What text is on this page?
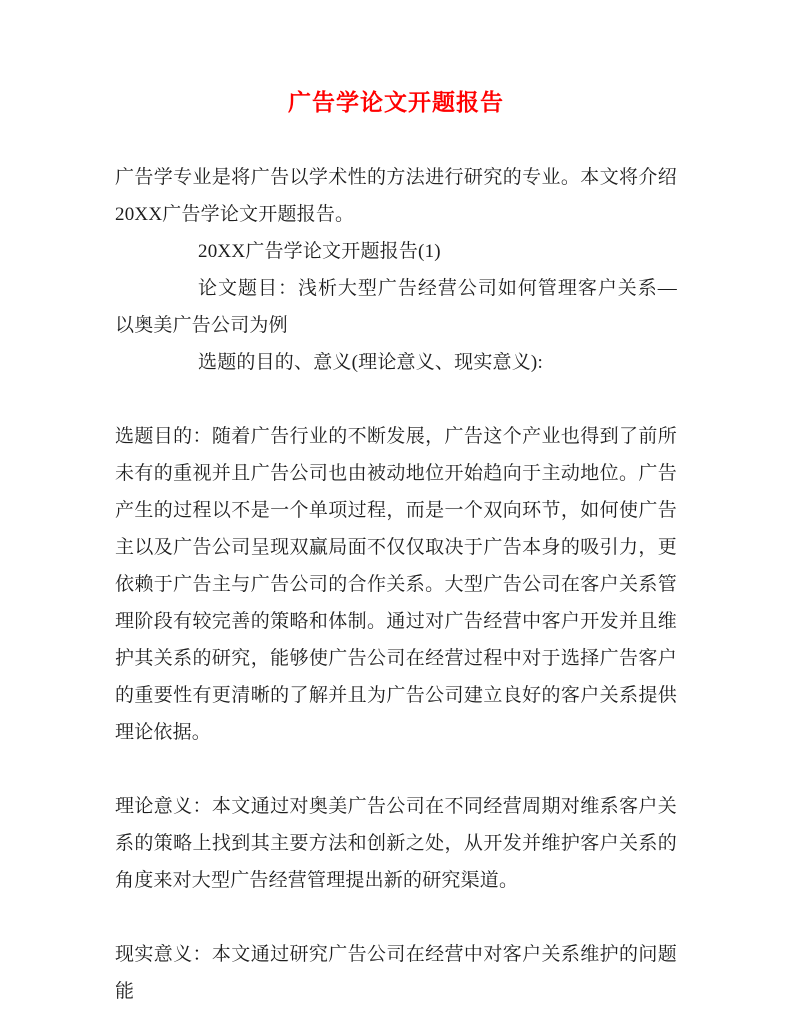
广告学论文开题报告

广告学专业是将广告以学术性的方法进行研究的专业。本文将介绍20XX广告学论文开题报告。

20XX广告学论文开题报告(1)

论文题目：浅析大型广告经营公司如何管理客户关系—以奥美广告公司为例

选题的目的、意义(理论意义、现实意义):

选题目的：随着广告行业的不断发展，广告这个产业也得到了前所未有的重视并且广告公司也由被动地位开始趋向于主动地位。广告产生的过程以不是一个单项过程，而是一个双向环节，如何使广告主以及广告公司呈现双赢局面不仅仅取决于广告本身的吸引力，更依赖于广告主与广告公司的合作关系。大型广告公司在客户关系管理阶段有较完善的策略和体制。通过对广告经营中客户开发并且维护其关系的研究，能够使广告公司在经营过程中对于选择广告客户的重要性有更清晰的了解并且为广告公司建立良好的客户关系提供理论依据。

理论意义：本文通过对奥美广告公司在不同经营周期对维系客户关系的策略上找到其主要方法和创新之处，从开发并维护客户关系的角度来对大型广告经营管理提出新的研究渠道。

现实意义：本文通过研究广告公司在经营中对客户关系维护的问题能
